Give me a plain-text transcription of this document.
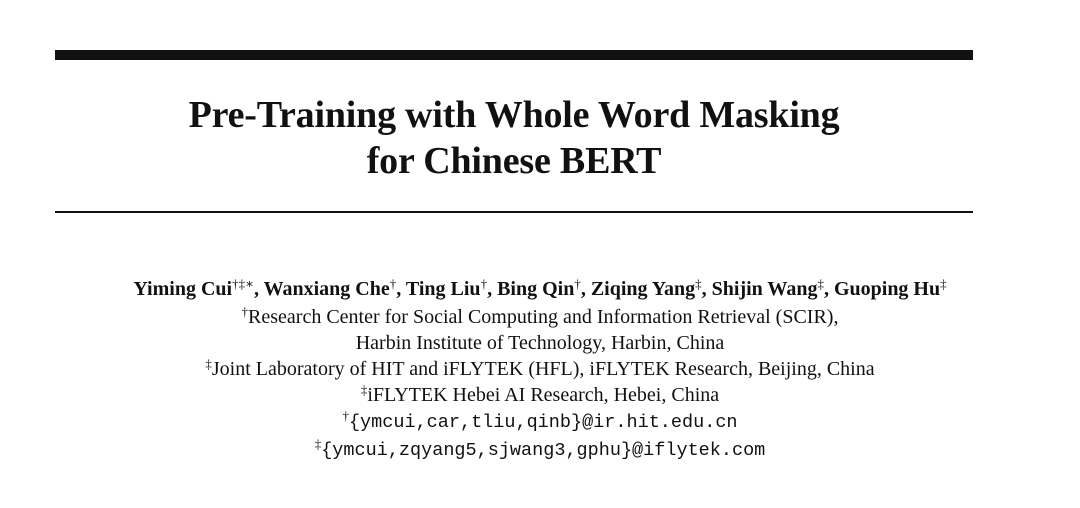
Pre-Training with Whole Word Masking
for Chinese BERT
Yiming Cui†‡∗, Wanxiang Che†, Ting Liu†, Bing Qin†, Ziqing Yang‡, Shijin Wang‡, Guoping Hu‡
†Research Center for Social Computing and Information Retrieval (SCIR),
Harbin Institute of Technology, Harbin, China
‡Joint Laboratory of HIT and iFLYTEK (HFL), iFLYTEK Research, Beijing, China
‡iFLYTEK Hebei AI Research, Hebei, China
†{ymcui,car,tliu,qinb}@ir.hit.edu.cn
‡{ymcui,zqyang5,sjwang3,gphu}@iflytek.com
